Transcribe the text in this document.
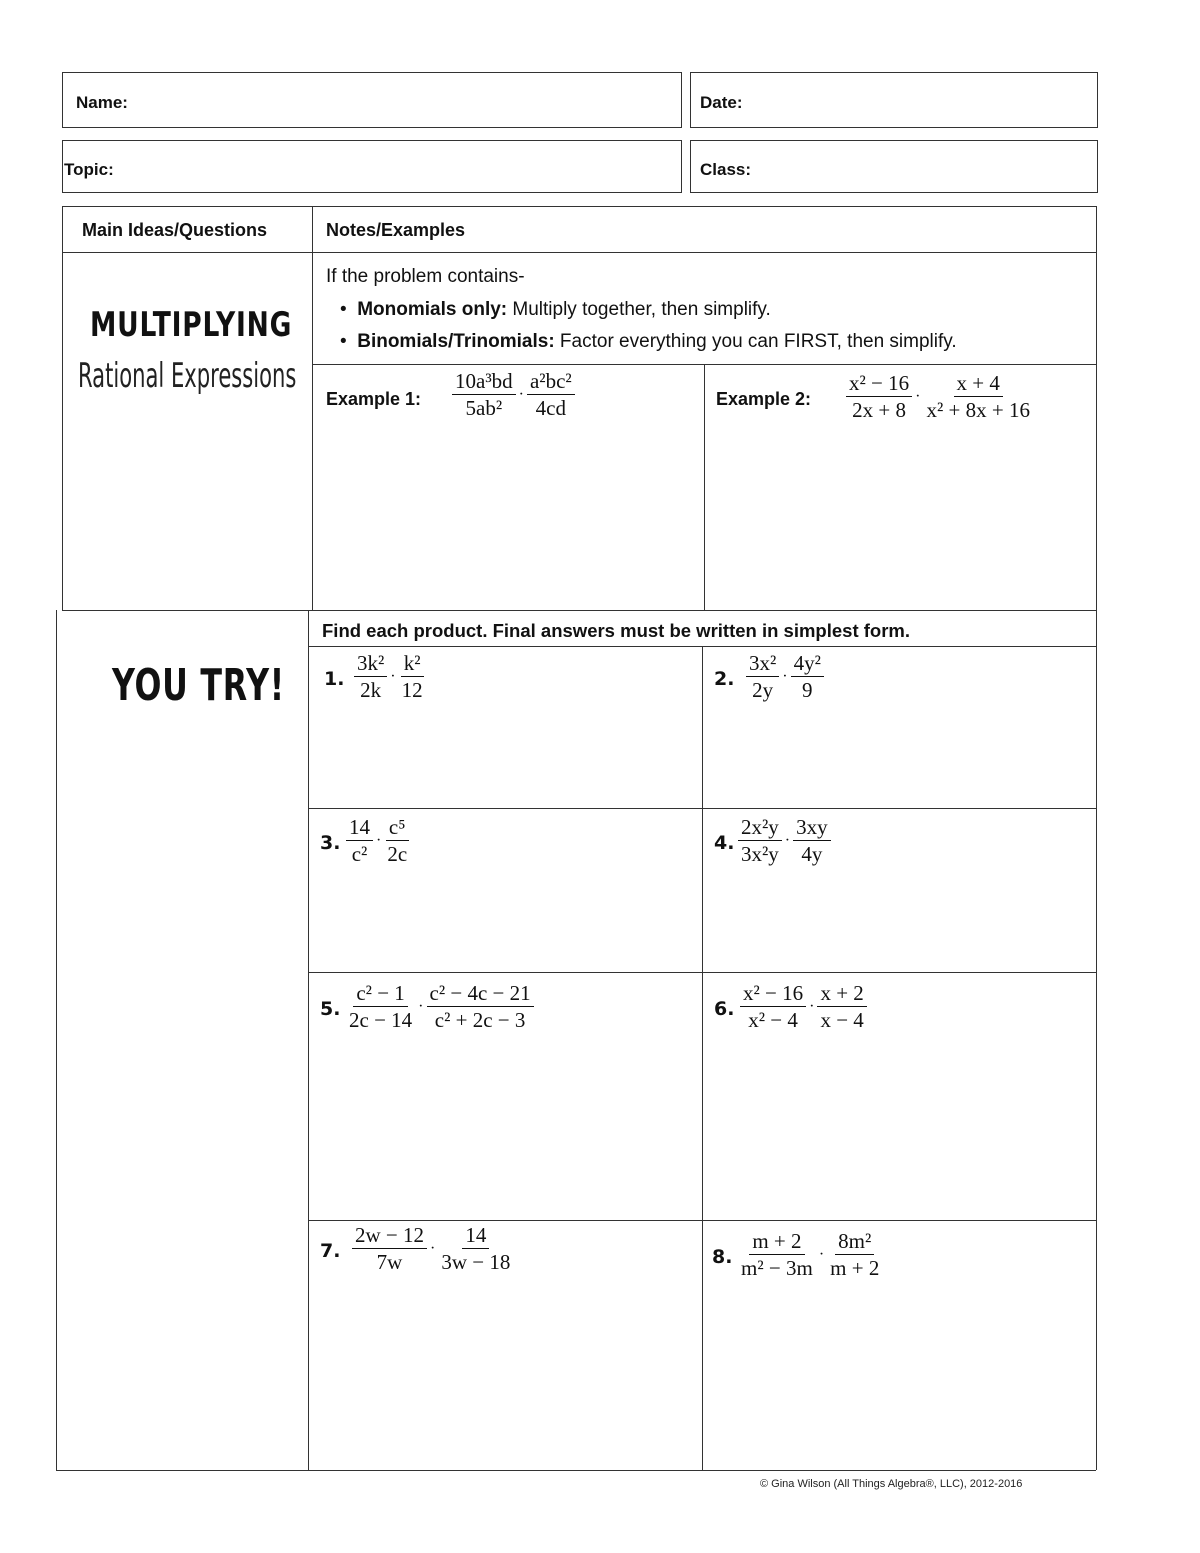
Name:	Date:
Topic:	Class:
Main Ideas/Questions	Notes/Examples
MULTIPLYING
Rational Expressions
If the problem contains-
• Monomials only: Multiply together, then simplify.
• Binomials/Trinomials: Factor everything you can FIRST, then simplify.
Example 1: $\frac{\text{10a³bd}}{\text{5ab²}} \cdot \frac{\text{a²bc²}}{4cd}$	Example 2: $\frac{\text{x² − 16}}{2x + 8} \cdot \frac{x + 4}{\text{x² + 8x + 16}}$
YOU TRY!
Find each product. Final answers must be written in simplest form.
1. $\frac{\text{3k²}}{2k} \cdot \frac{\text{k²}}{12}$	2. $\frac{\text{3x²}}{2y} \cdot \frac{\text{4y²}}{9}$
3. $\frac{14}{\text{c²}} \cdot \frac{\text{c⁵}}{2c}$	4. $\frac{\text{2x²y}}{\text{3x²y}} \cdot \frac{3xy}{4y}$
5. $\frac{\text{c² − 1}}{2c - 14} \cdot \frac{\text{c² − 4c − 21}}{\text{c² + 2c − 3}}$	6. $\frac{\text{x² − 16}}{\text{x² − 4}} \cdot \frac{x + 2}{x - 4}$
7. $\frac{2w - 12}{7w} \cdot \frac{14}{3w - 18}$	8. $\frac{m + 2}{\text{m² − 3m}} \cdot \frac{\text{8m²}}{m + 2}$
© Gina Wilson (All Things Algebra®, LLC), 2012-2016
